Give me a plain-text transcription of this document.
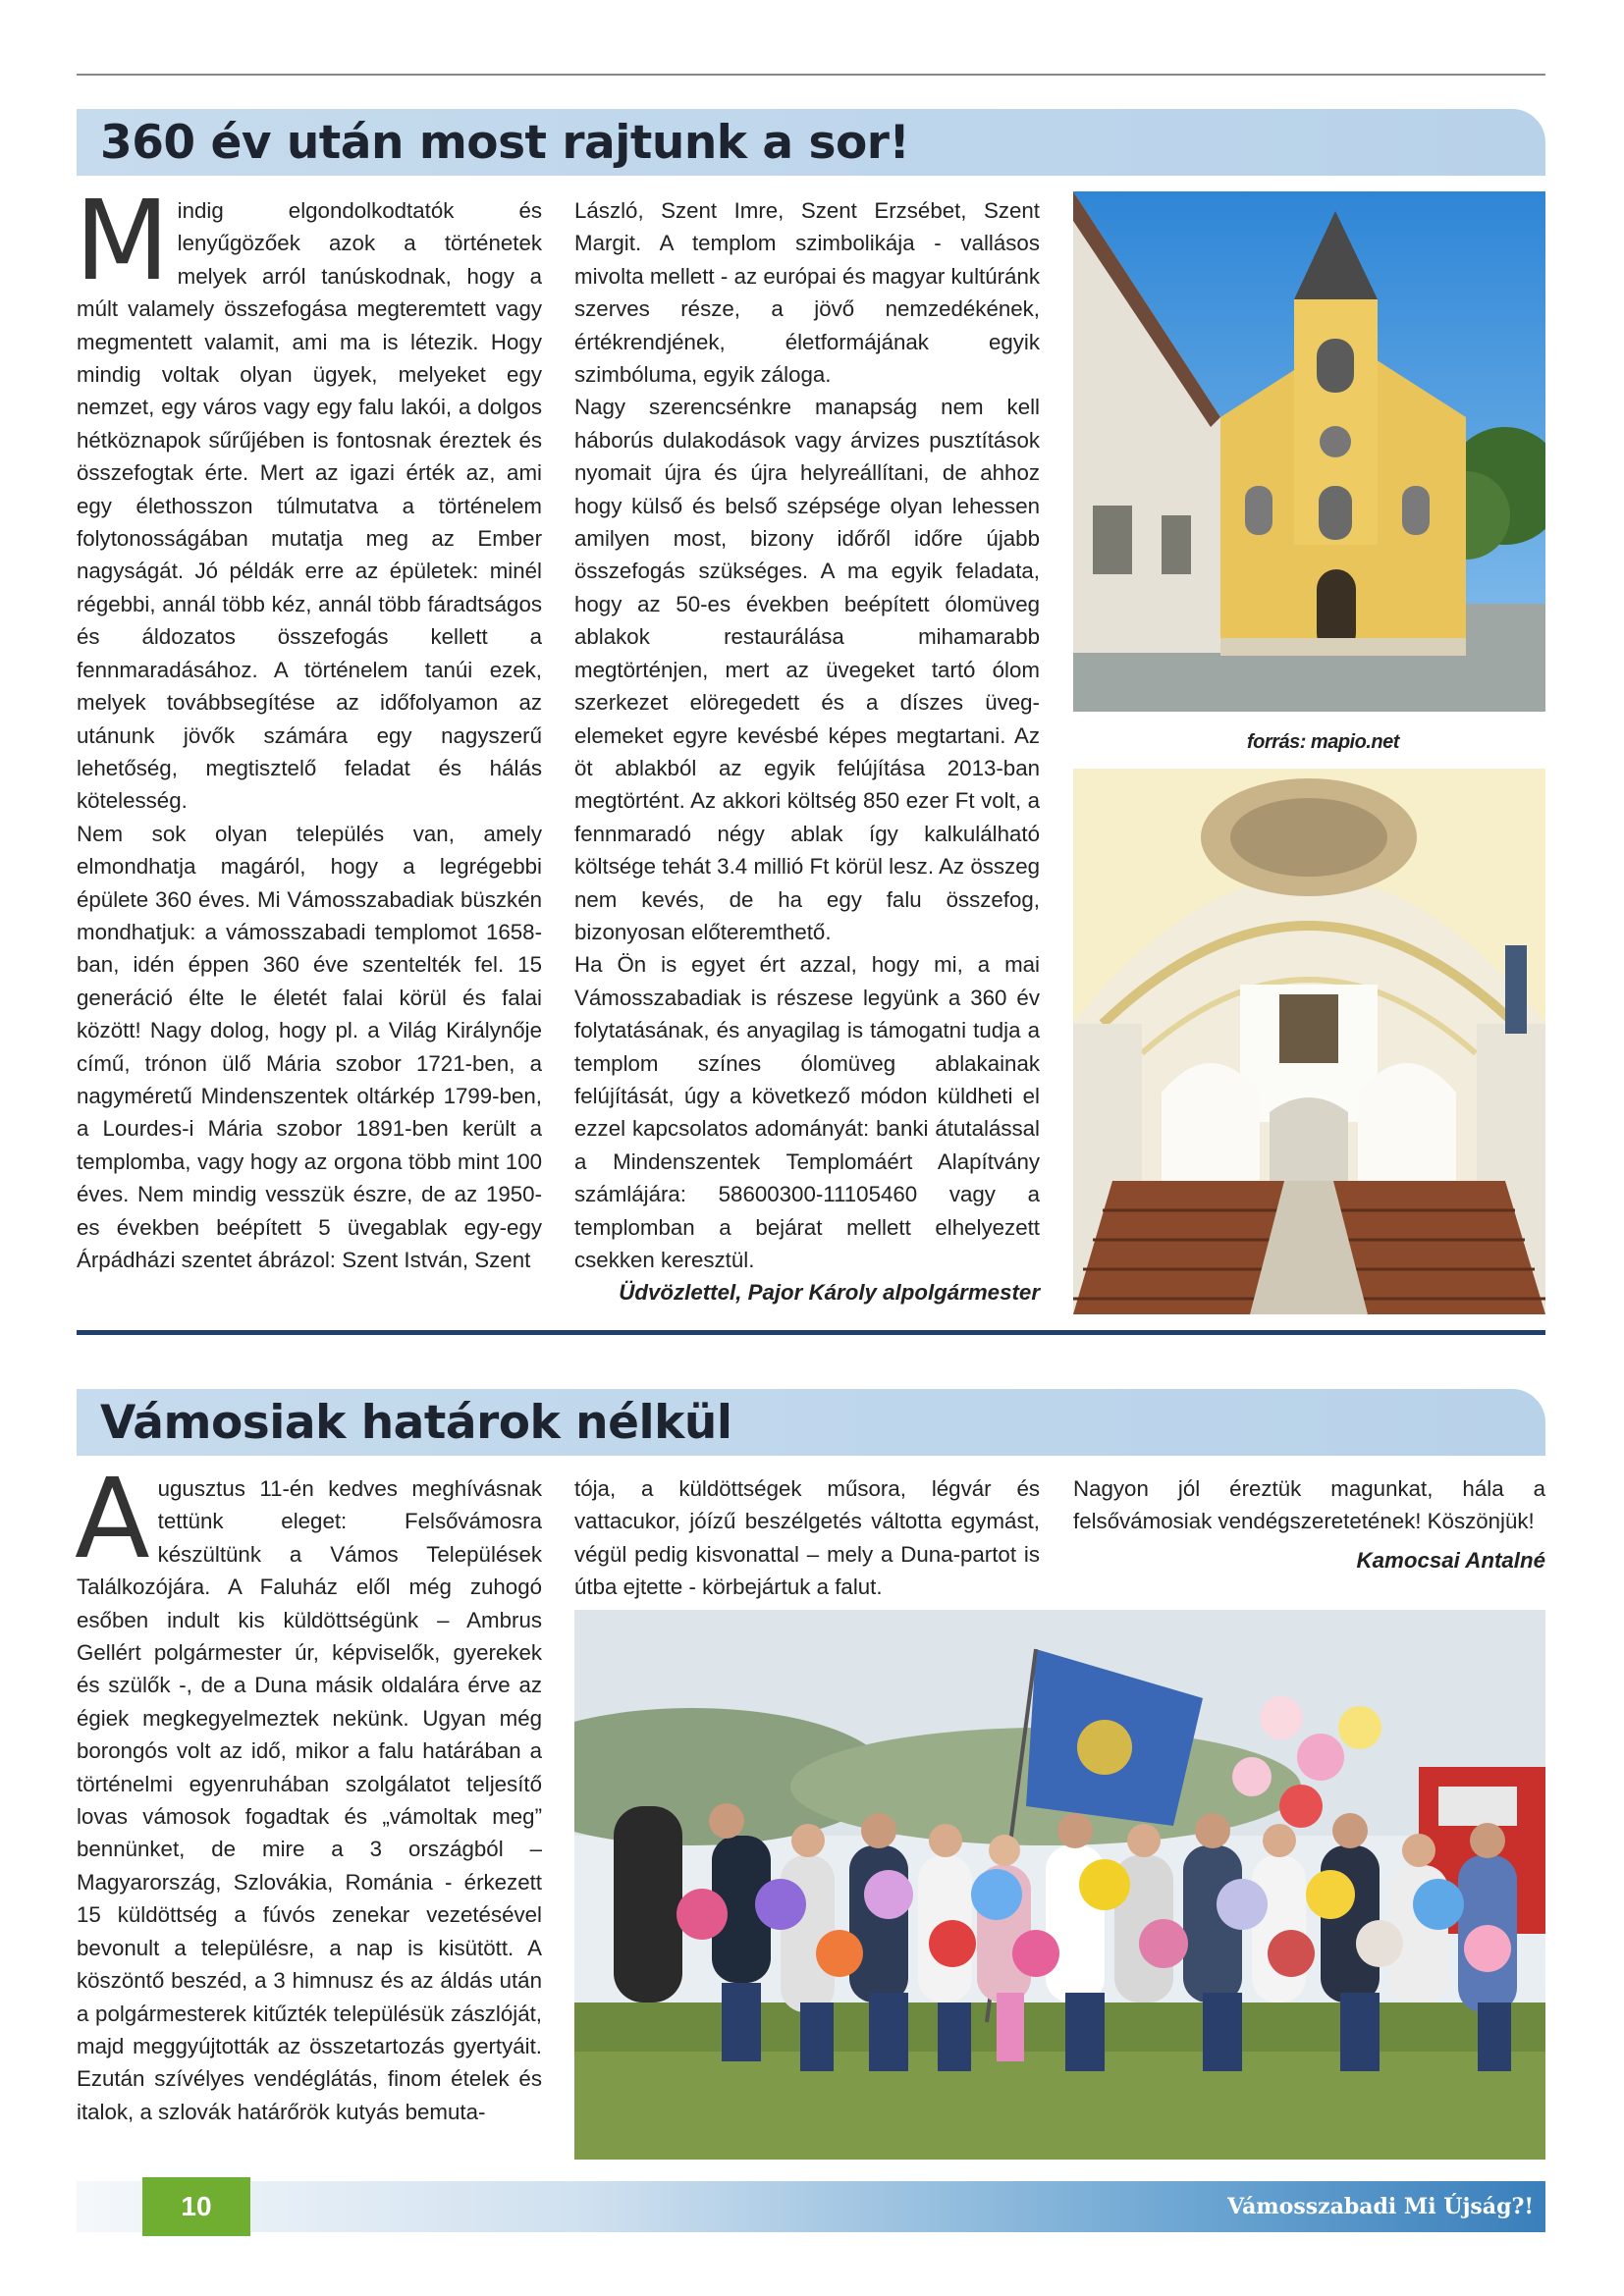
360 év után most rajtunk a sor!

Mindig elgondolkodtatók és lenyűgözőek azok a történetek melyek arról tanúskodnak, hogy a múlt valamely összefogása megteremtett vagy megmentett valamit, ami ma is létezik. Hogy mindig voltak olyan ügyek, melyeket egy nemzet, egy város vagy egy falu lakói, a dolgos hétköznapok sűrűjében is fontosnak éreztek és összefogtak érte. Mert az igazi érték az, ami egy élethosszon túlmutatva a történelem folytonosságában mutatja meg az Ember nagyságát. Jó példák erre az épületek: minél régebbi, annál több kéz, annál több fáradtságos és áldozatos összefogás kellett a fennmaradásához. A történelem tanúi ezek, melyek továbbsegítése az időfolyamon az utánunk jövők számára egy nagyszerű lehetőség, megtisztelő feladat és hálás kötelesség.

Nem sok olyan település van, amely elmondhatja magáról, hogy a legrégebbi épülete 360 éves. Mi Vámosszabadiak büszkén mondhatjuk: a vámosszabadi templomot 1658-ban, idén éppen 360 éve szentelték fel. 15 generáció élte le életét falai körül és falai között! Nagy dolog, hogy pl. a Világ Királynője című, trónon ülő Mária szobor 1721-ben, a nagyméretű Mindenszentek oltárkép 1799-ben, a Lourdes-i Mária szobor 1891-ben került a templomba, vagy hogy az orgona több mint 100 éves. Nem mindig vesszük észre, de az 1950-es években beépített 5 üvegablak egy-egy Árpádházi szentet ábrázol: Szent István, Szent

László, Szent Imre, Szent Erzsébet, Szent Margit. A templom szimbolikája - vallásos mivolta mellett - az európai és magyar kultúránk szerves része, a jövő nemzedékének, értékrendjének, életformájának egyik szimbóluma, egyik záloga.

Nagy szerencsénkre manapság nem kell háborús dulakodások vagy árvizes pusztítások nyomait újra és újra helyreállítani, de ahhoz hogy külső és belső szépsége olyan lehessen amilyen most, bizony időről időre újabb összefogás szükséges. A ma egyik feladata, hogy az 50-es években beépített ólomüveg ablakok restaurálása mihamarabb megtörténjen, mert az üvegeket tartó ólom szerkezet elöregedett és a díszes üveg-elemeket egyre kevésbé képes megtartani. Az öt ablakból az egyik felújítása 2013-ban megtörtént. Az akkori költség 850 ezer Ft volt, a fennmaradó négy ablak így kalkulálható költsége tehát 3.4 millió Ft körül lesz. Az összeg nem kevés, de ha egy falu összefog, bizonyosan előteremthető.

Ha Ön is egyet ért azzal, hogy mi, a mai Vámosszabadiak is részese legyünk a 360 év folytatásának, és anyagilag is támogatni tudja a templom színes ólomüveg ablakainak felújítását, úgy a következő módon küldheti el ezzel kapcsolatos adományát: banki átutalással a Mindenszentek Templomáért Alapítvány számlájára: 58600300-11105460 vagy a templomban a bejárat mellett elhelyezett csekken keresztül.

Üdvözlettel, Pajor Károly alpolgármester

forrás: mapio.net
Vámosiak határok nélkül

Augusztus 11-én kedves meghívásnak tettünk eleget: Felsővámosra készültünk a Vámos Települések Találkozójára. A Faluház elől még zuhogó esőben indult kis küldöttségünk – Ambrus Gellért polgármester úr, képviselők, gyerekek és szülők -, de a Duna másik oldalára érve az égiek megkegyelmeztek nekünk. Ugyan még borongós volt az idő, mikor a falu határában a történelmi egyenruhában szolgálatot teljesítő lovas vámosok fogadtak és „vámoltak meg” bennünket, de mire a 3 országból – Magyarország, Szlovákia, Románia - érkezett 15 küldöttség a fúvós zenekar vezetésével bevonult a településre, a nap is kisütött. A köszöntő beszéd, a 3 himnusz és az áldás után a polgármesterek kitűzték településük zászlóját, majd meggyújtották az összetartozás gyertyáit. Ezután szívélyes vendéglátás, finom ételek és italok, a szlovák határőrök kutyás bemuta-

tója, a küldöttségek műsora, légvár és vattacukor, jóízű beszélgetés váltotta egymást, végül pedig kisvonattal – mely a Duna-partot is útba ejtette - körbejártuk a falut.

Nagyon jól éreztük magunkat, hála a felsővámosiak vendégszeretetének! Köszönjük!

Kamocsai Antalné

10	Vámosszabadi Mi Újság?!
